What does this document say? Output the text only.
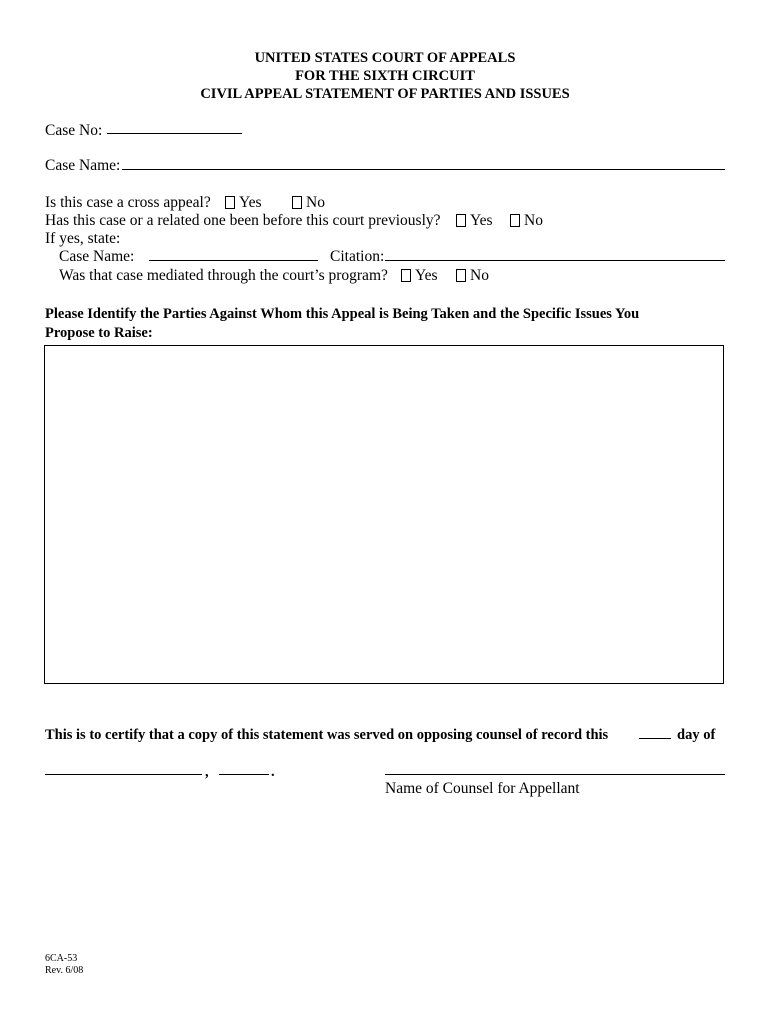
UNITED STATES COURT OF APPEALS
FOR THE SIXTH CIRCUIT
CIVIL APPEAL STATEMENT OF PARTIES AND ISSUES
Case No:
Case Name:
Is this case a cross appeal? Yes	No
Has this case or a related one been before this court previously? Yes No
If yes, state:
Case Name:	Citation:
Was that case mediated through the court’s program? Yes No
Please Identify the Parties Against Whom this Appeal is Being Taken and the Specific Issues You
Propose to Raise:
This is to certify that a copy of this statement was served on opposing counsel of record this	day of
,	.
Name of Counsel for Appellant
6CA-53
Rev. 6/08
